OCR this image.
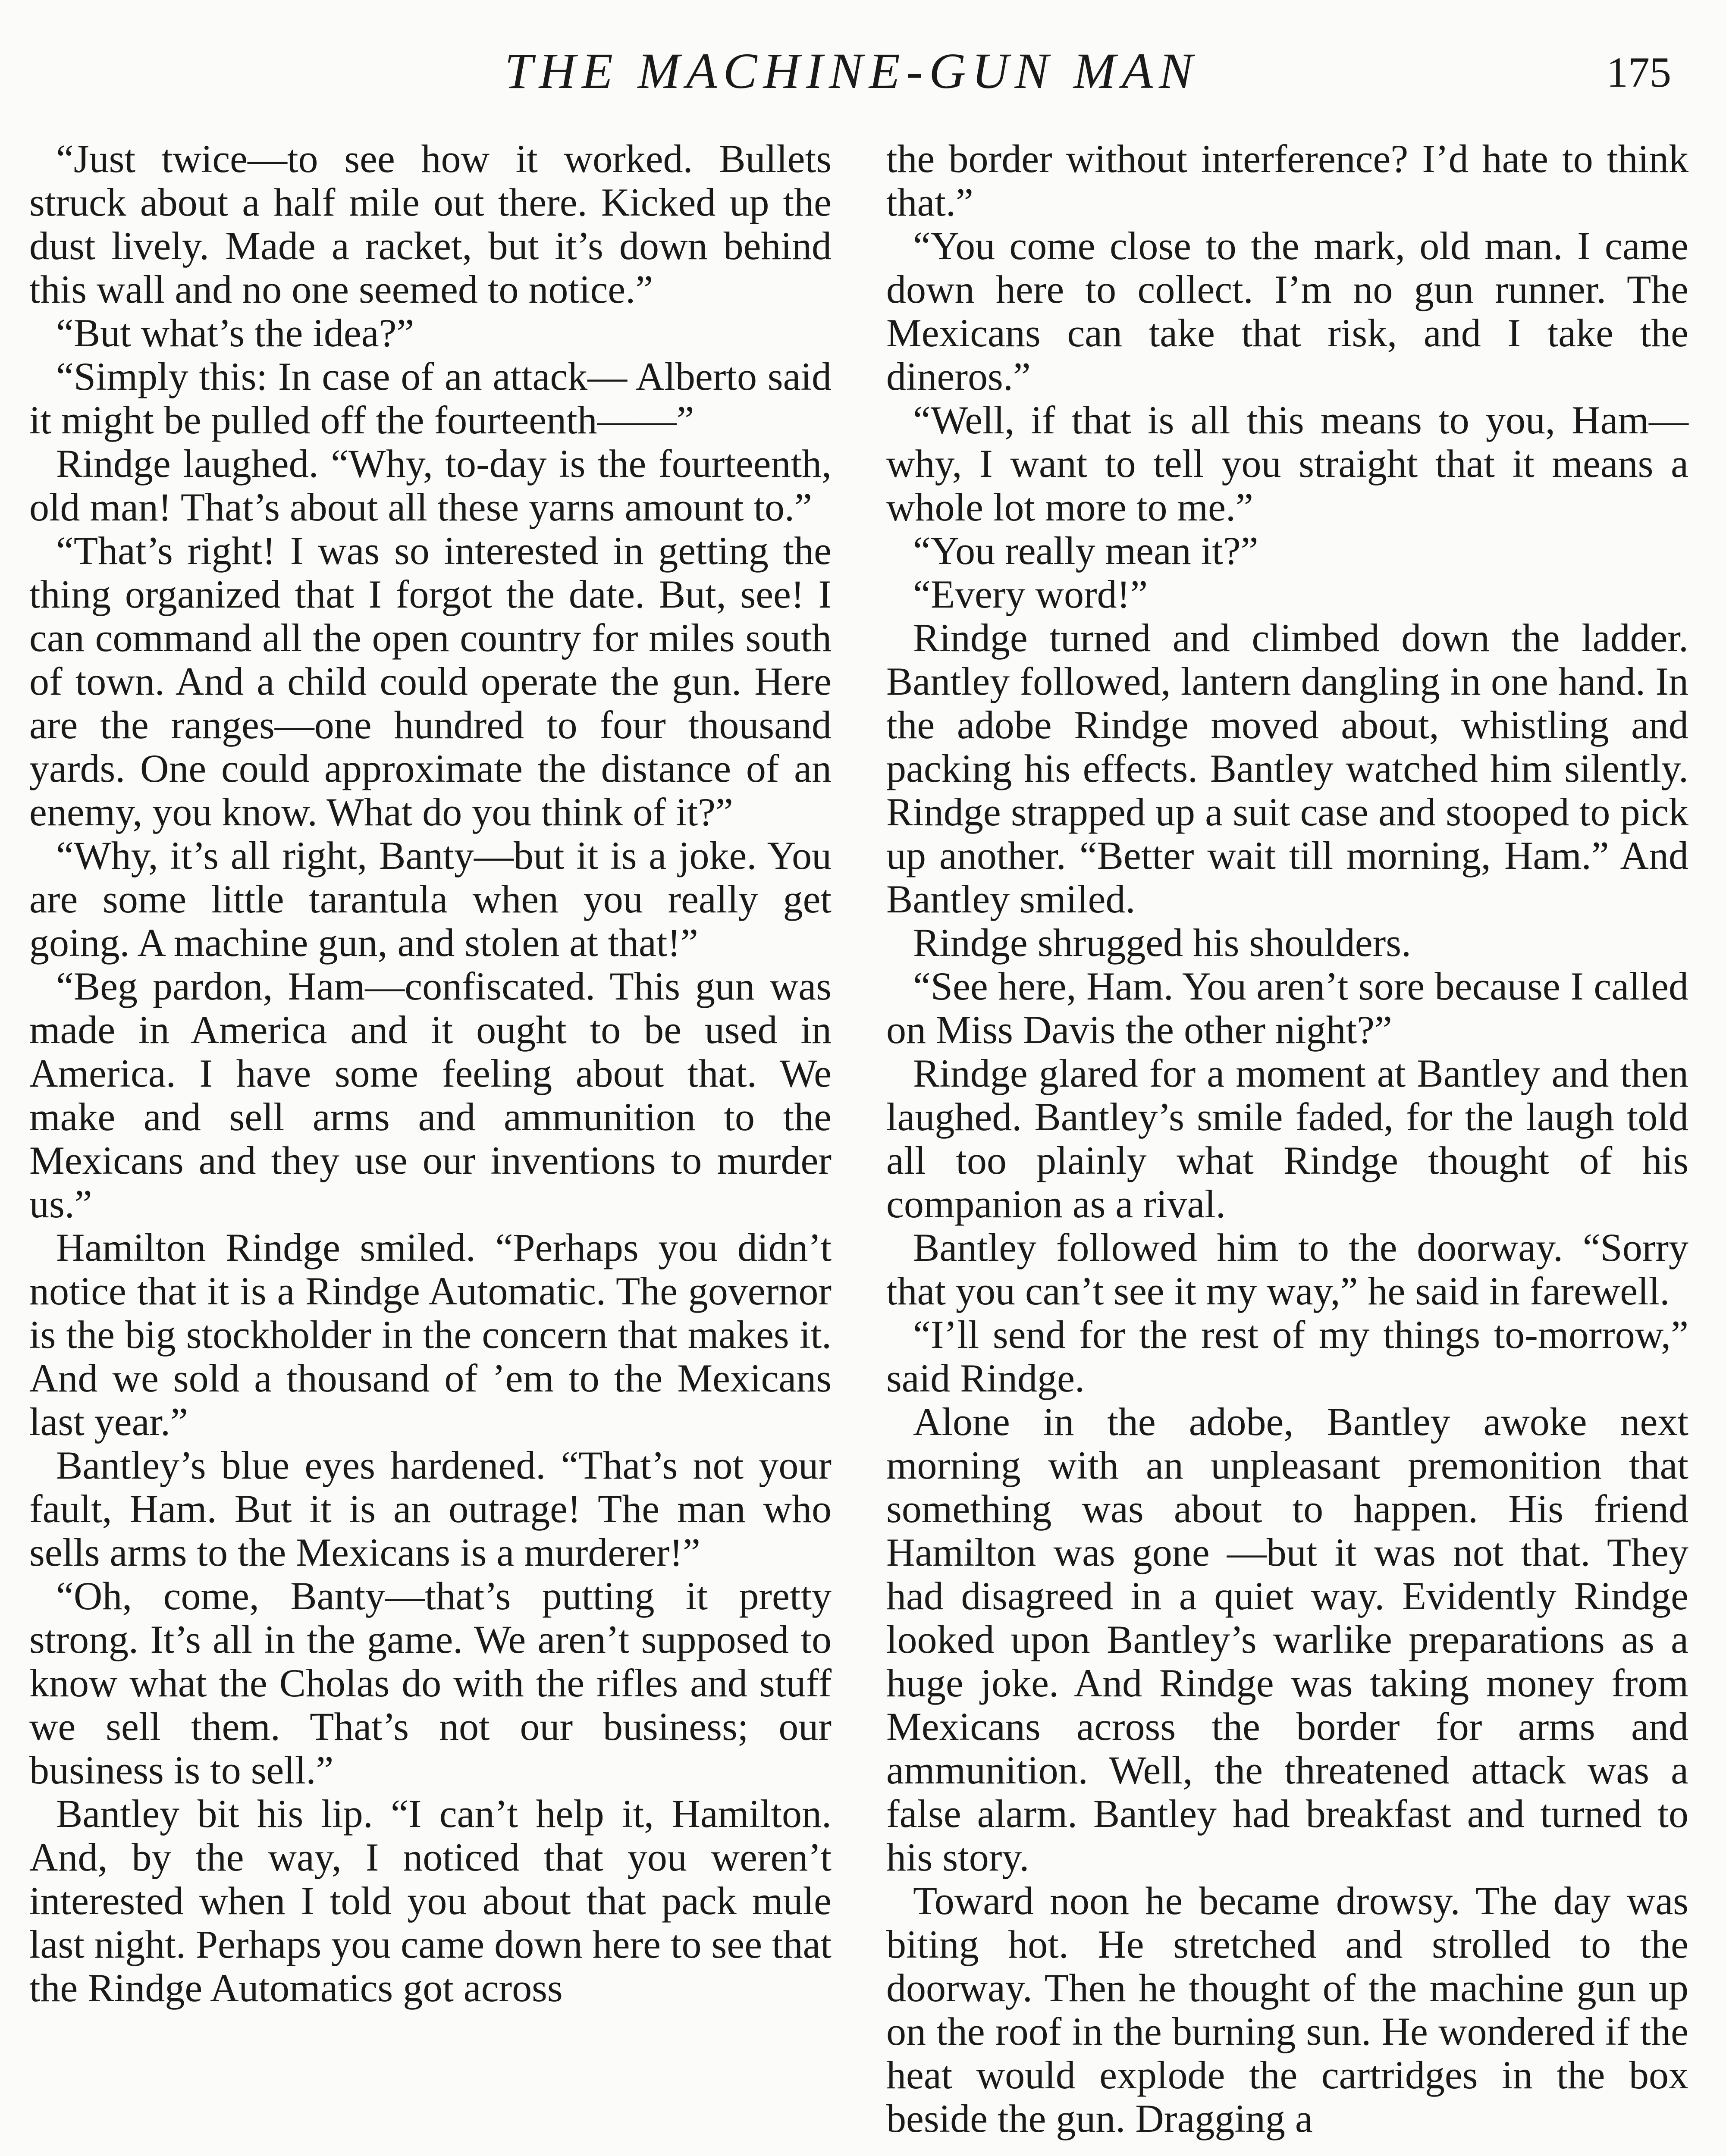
THE MACHINE-GUN MAN	175

“Just twice—to see how it worked. Bullets struck about a half mile out there. Kicked up the dust lively. Made a racket, but it’s down behind this wall and no one seemed to notice.”

“But what’s the idea?”

“Simply this: In case of an attack— Alberto said it might be pulled off the fourteenth——”

Rindge laughed. “Why, to-day is the fourteenth, old man! That’s about all these yarns amount to.”

“That’s right! I was so interested in getting the thing organized that I forgot the date. But, see! I can command all the open country for miles south of town. And a child could operate the gun. Here are the ranges—one hundred to four thousand yards. One could approximate the distance of an enemy, you know. What do you think of it?”

“Why, it’s all right, Banty—but it is a joke. You are some little tarantula when you really get going. A machine gun, and stolen at that!”

“Beg pardon, Ham—confiscated. This gun was made in America and it ought to be used in America. I have some feeling about that. We make and sell arms and ammunition to the Mexicans and they use our inventions to murder us.”

Hamilton Rindge smiled. “Perhaps you didn’t notice that it is a Rindge Automatic. The governor is the big stockholder in the concern that makes it. And we sold a thousand of ’em to the Mexicans last year.”

Bantley’s blue eyes hardened. “That’s not your fault, Ham. But it is an outrage! The man who sells arms to the Mexicans is a murderer!”

“Oh, come, Banty—that’s putting it pretty strong. It’s all in the game. We aren’t supposed to know what the Cholas do with the rifles and stuff we sell them. That’s not our business; our business is to sell.”

Bantley bit his lip. “I can’t help it, Hamilton. And, by the way, I noticed that you weren’t interested when I told you about that pack mule last night. Perhaps you came down here to see that the Rindge Automatics got across

the border without interference? I’d hate to think that.”

“You come close to the mark, old man. I came down here to collect. I’m no gun runner. The Mexicans can take that risk, and I take the dineros.”

“Well, if that is all this means to you, Ham—why, I want to tell you straight that it means a whole lot more to me.”

“You really mean it?”

“Every word!”

Rindge turned and climbed down the ladder. Bantley followed, lantern dangling in one hand. In the adobe Rindge moved about, whistling and packing his effects. Bantley watched him silently. Rindge strapped up a suit case and stooped to pick up another. “Better wait till morning, Ham.” And Bantley smiled.

Rindge shrugged his shoulders.

“See here, Ham. You aren’t sore because I called on Miss Davis the other night?”

Rindge glared for a moment at Bantley and then laughed. Bantley’s smile faded, for the laugh told all too plainly what Rindge thought of his companion as a rival.

Bantley followed him to the doorway. “Sorry that you can’t see it my way,” he said in farewell.

“I’ll send for the rest of my things to-morrow,” said Rindge.

Alone in the adobe, Bantley awoke next morning with an unpleasant premonition that something was about to happen. His friend Hamilton was gone —but it was not that. They had disagreed in a quiet way. Evidently Rindge looked upon Bantley’s warlike preparations as a huge joke. And Rindge was taking money from Mexicans across the border for arms and ammunition. Well, the threatened attack was a false alarm. Bantley had breakfast and turned to his story.

Toward noon he became drowsy. The day was biting hot. He stretched and strolled to the doorway. Then he thought of the machine gun up on the roof in the burning sun. He wondered if the heat would explode the cartridges in the box beside the gun. Dragging a
